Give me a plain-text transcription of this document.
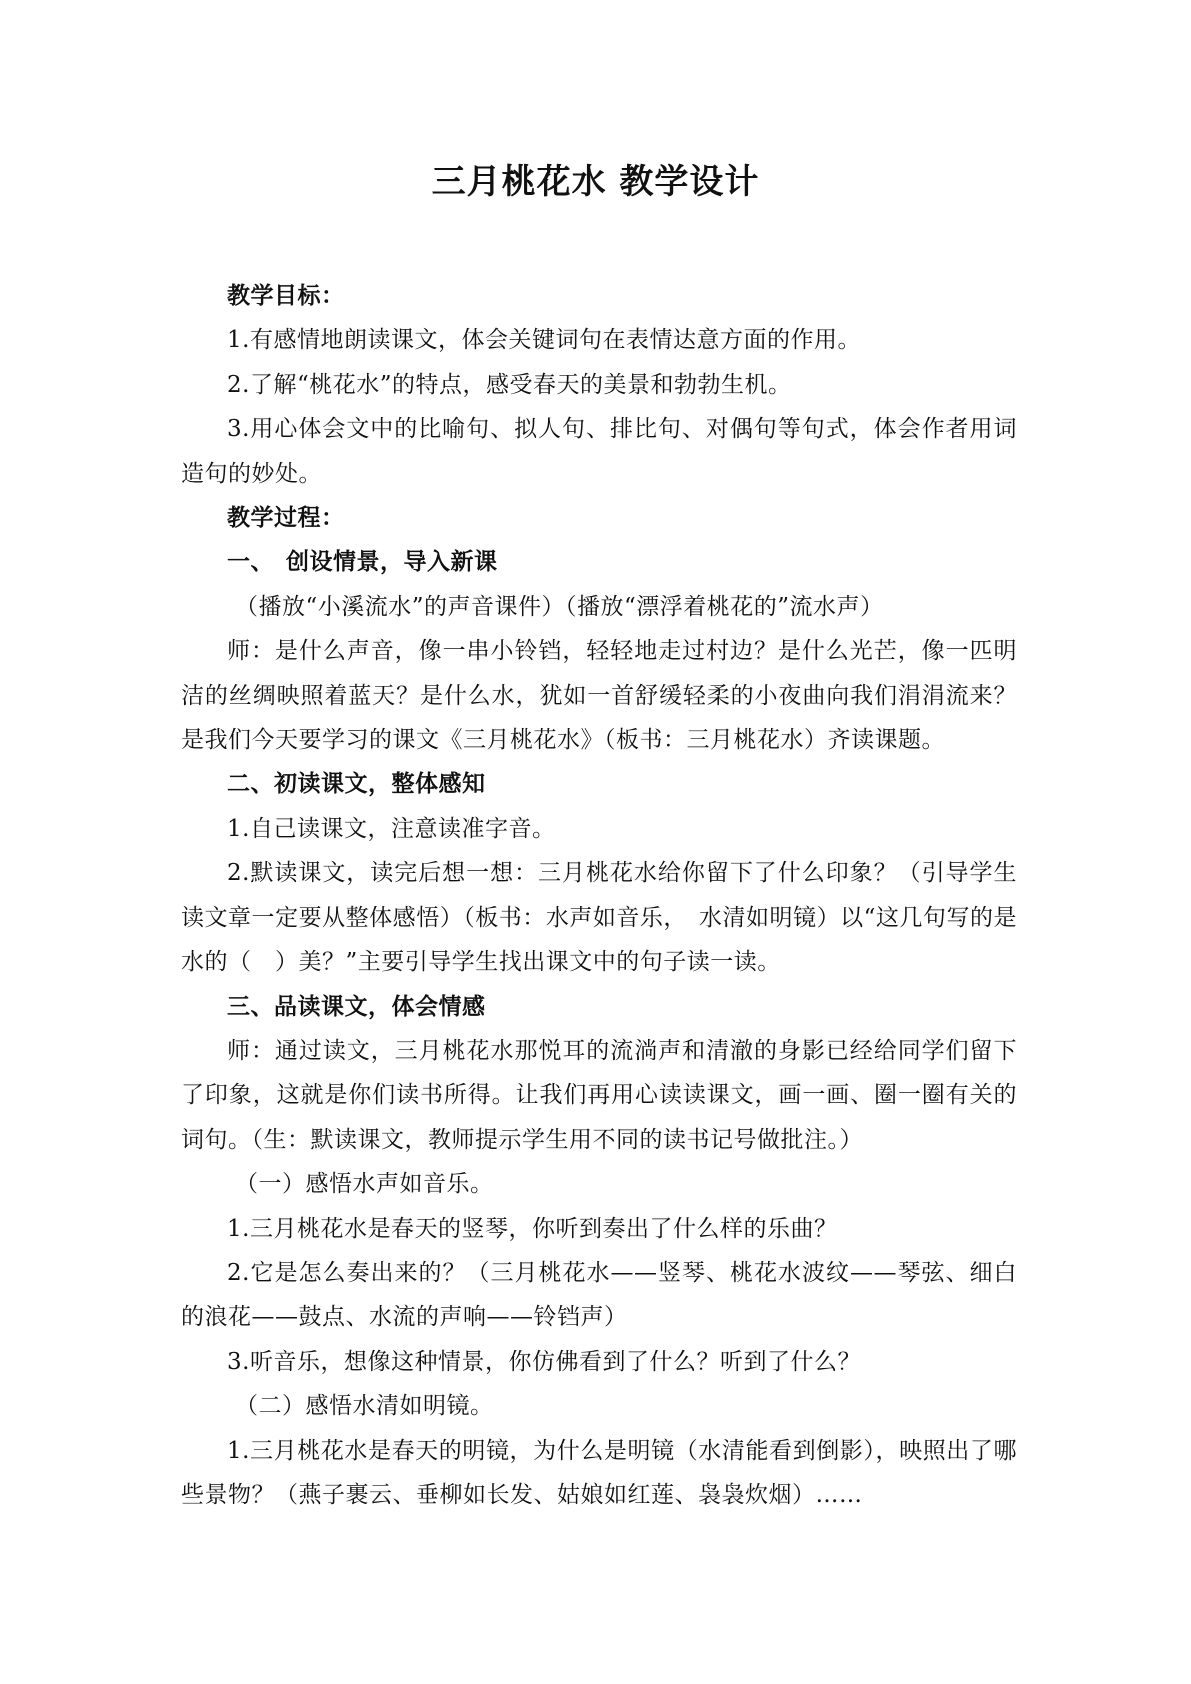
三月桃花水 教学设计

教学目标：

1.有感情地朗读课文，体会关键词句在表情达意方面的作用。

2.了解“桃花水”的特点，感受春天的美景和勃勃生机。

3.用心体会文中的比喻句、拟人句、排比句、对偶句等句式，体会作者用词造句的妙处。

教学过程：

一、　创设情景，导入新课

（播放“小溪流水”的声音课件）（播放“漂浮着桃花的”流水声）

师：是什么声音，像一串小铃铛，轻轻地走过村边？是什么光芒，像一匹明洁的丝绸映照着蓝天？是什么水，犹如一首舒缓轻柔的小夜曲向我们涓涓流来？是我们今天要学习的课文《三月桃花水》（板书：三月桃花水）齐读课题。

二、初读课文，整体感知

1.自己读课文，注意读准字音。

2.默读课文，读完后想一想：三月桃花水给你留下了什么印象？（引导学生读文章一定要从整体感悟）（板书：水声如音乐，　水清如明镜）以“这几句写的是水的（　）美？”主要引导学生找出课文中的句子读一读。

三、品读课文，体会情感

师：通过读文，三月桃花水那悦耳的流淌声和清澈的身影已经给同学们留下了印象，这就是你们读书所得。让我们再用心读读课文，画一画、圈一圈有关的词句。（生：默读课文，教师提示学生用不同的读书记号做批注。）

（一）感悟水声如音乐。

1.三月桃花水是春天的竖琴，你听到奏出了什么样的乐曲？

2.它是怎么奏出来的？（三月桃花水——竖琴、桃花水波纹——琴弦、细白的浪花——鼓点、水流的声响——铃铛声）

3.听音乐，想像这种情景，你仿佛看到了什么？听到了什么？

（二）感悟水清如明镜。

1.三月桃花水是春天的明镜，为什么是明镜（水清能看到倒影），映照出了哪些景物？（燕子裹云、垂柳如长发、姑娘如红莲、袅袅炊烟）……
